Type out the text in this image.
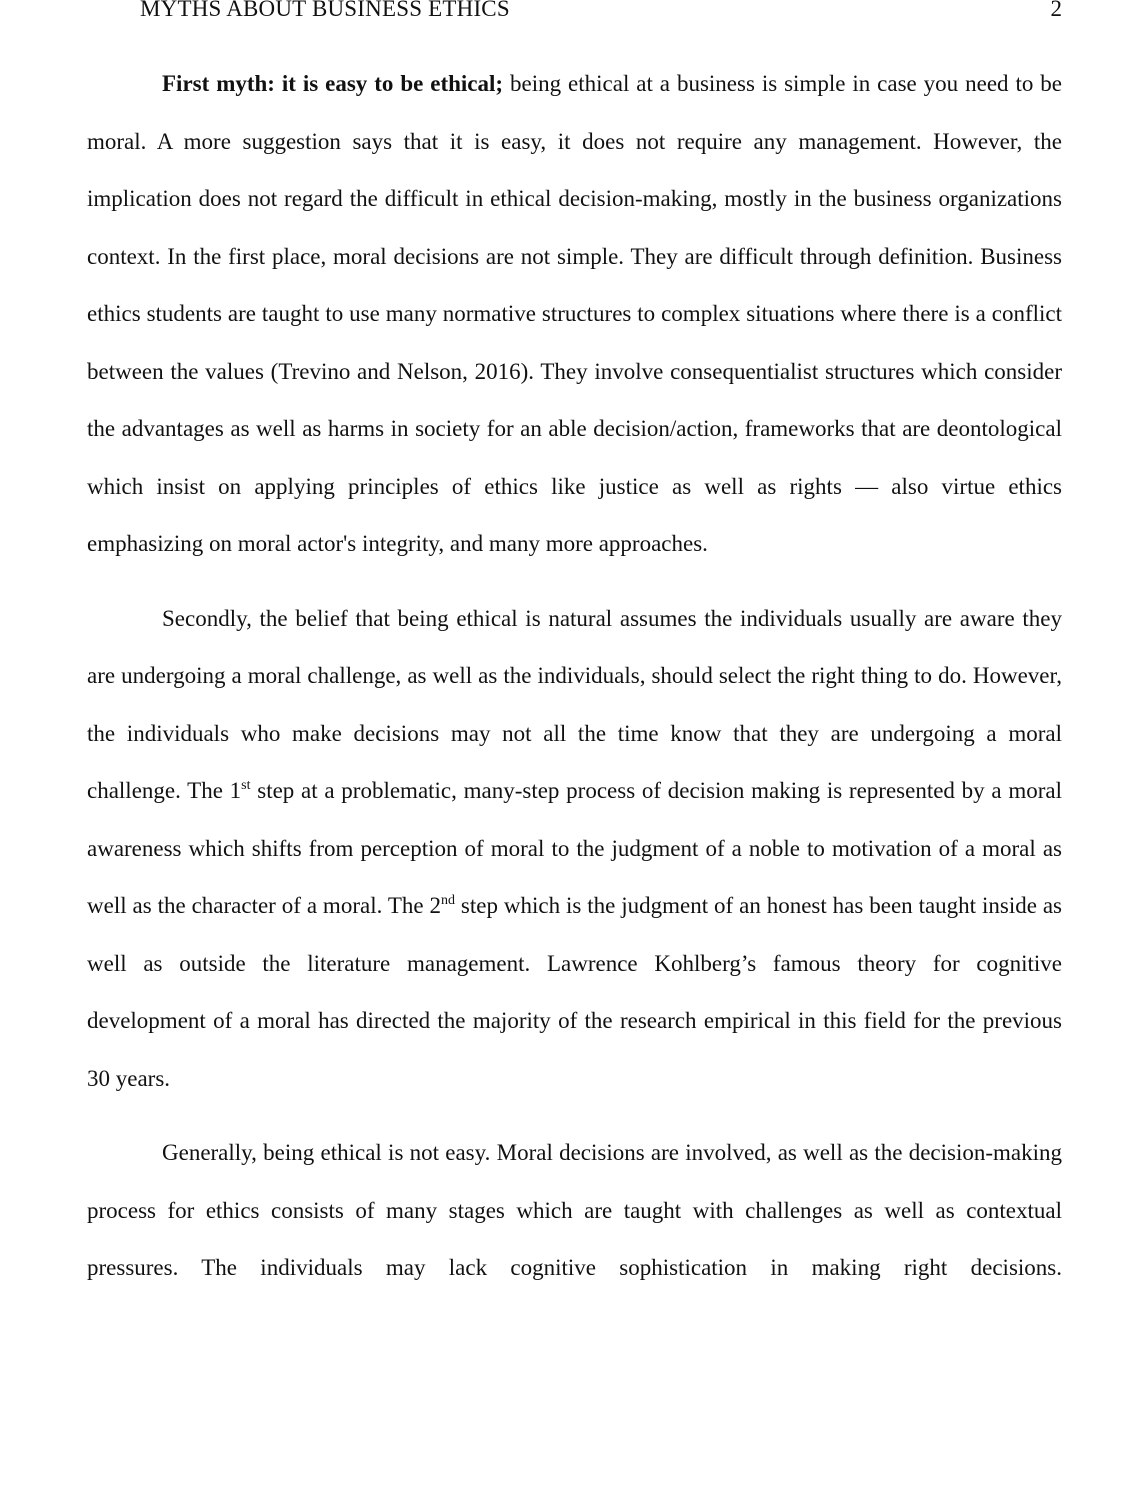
MYTHS ABOUT BUSINESS ETHICS	2

First myth: it is easy to be ethical; being ethical at a business is simple in case you need to be moral. A more suggestion says that it is easy, it does not require any management. However, the implication does not regard the difficult in ethical decision-making, mostly in the business organizations context. In the first place, moral decisions are not simple. They are difficult through definition. Business ethics students are taught to use many normative structures to complex situations where there is a conflict between the values (Trevino and Nelson, 2016). They involve consequentialist structures which consider the advantages as well as harms in society for an able decision/action, frameworks that are deontological which insist on applying principles of ethics like justice as well as rights — also virtue ethics emphasizing on moral actor's integrity, and many more approaches.

Secondly, the belief that being ethical is natural assumes the individuals usually are aware they are undergoing a moral challenge, as well as the individuals, should select the right thing to do. However, the individuals who make decisions may not all the time know that they are undergoing a moral challenge. The 1st step at a problematic, many-step process of decision making is represented by a moral awareness which shifts from perception of moral to the judgment of a noble to motivation of a moral as well as the character of a moral. The 2nd step which is the judgment of an honest has been taught inside as well as outside the literature management. Lawrence Kohlberg’s famous theory for cognitive development of a moral has directed the majority of the research empirical in this field for the previous 30 years.

Generally, being ethical is not easy. Moral decisions are involved, as well as the decision-making process for ethics consists of many stages which are taught with challenges as well as contextual pressures. The individuals may lack cognitive sophistication in making right decisions.
